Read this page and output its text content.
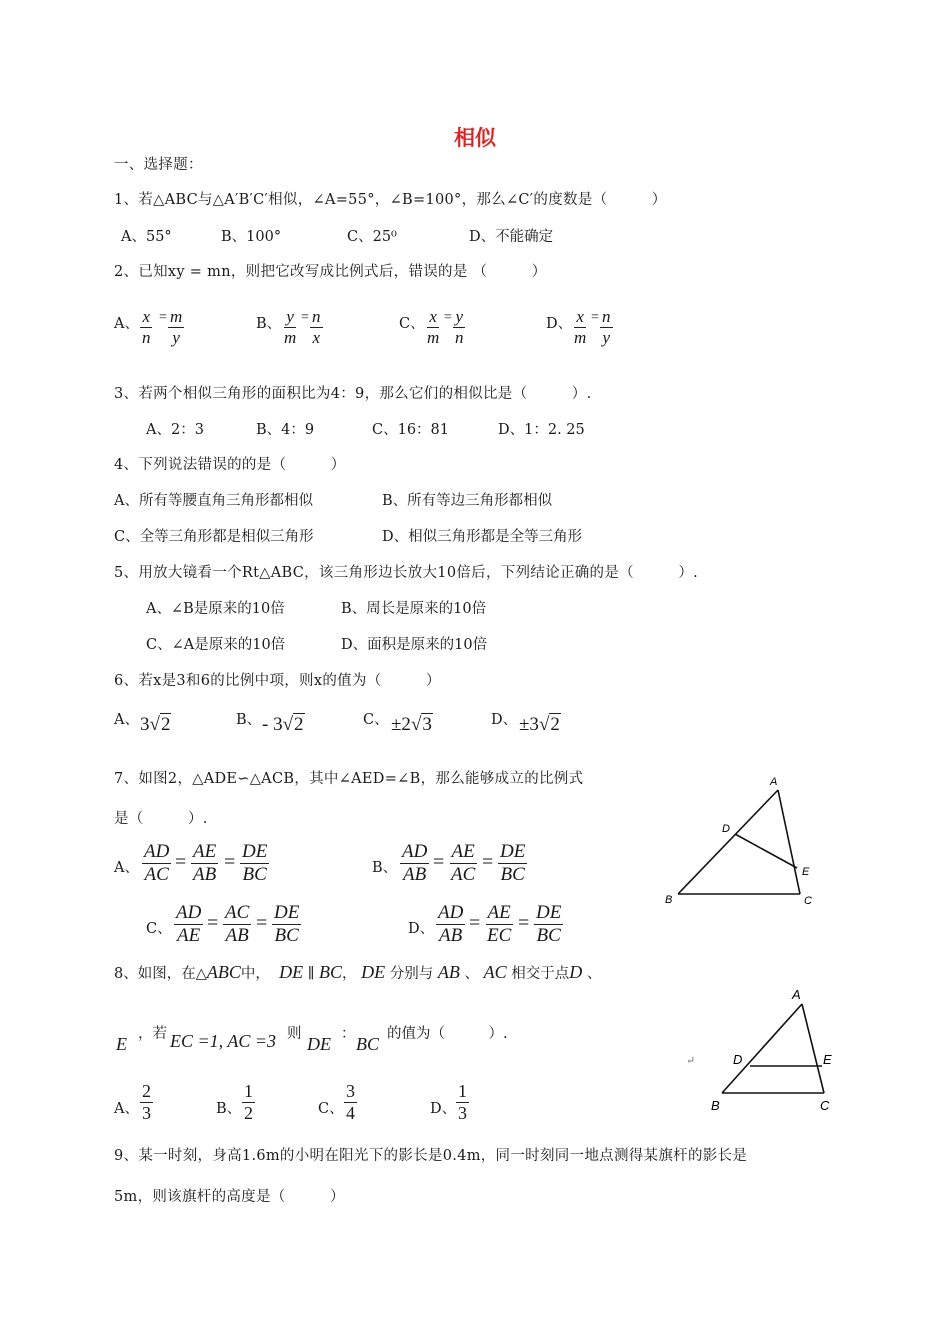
相似
一、选择题：
1、若△ABC与△A′B′C′相似，∠A=55°，∠B=100°，那么∠C′的度数是（　　　）
A、55°	B、100°	C、25⁰	D、不能确定
2、已知xy = mn，则把它改写成比例式后，错误的是 （　　　）
A、 $\frac{x}{n} = \frac{m}{y}$	B、 $\frac{y}{m} = \frac{n}{x}$	C、 $\frac{x}{m} = \frac{y}{n}$	D、 $\frac{x}{m} = \frac{n}{y}$
3、若两个相似三角形的面积比为4：9，那么它们的相似比是（　　　）.
A、2：3	B、4：9	C、16：81	D、1：2. 25
4、下列说法错误的的是（　　　）
A、所有等腰直角三角形都相似	B、所有等边三角形都相似
C、全等三角形都是相似三角形	D、相似三角形都是全等三角形
5、用放大镜看一个Rt△ABC，该三角形边长放大10倍后，下列结论正确的是（　　　）.
A、∠B是原来的10倍	B、周长是原来的10倍
C、∠A是原来的10倍	D、面积是原来的10倍
6、若x是3和6的比例中项，则x的值为（　　　）
A、 3√2	B、 - 3√2	C、 ±2√3	D、 ±3√2
7、如图2，△ADE∽△ACB，其中∠AED=∠B，那么能够成立的比例式
是（　　　）.
A、 $\frac{AD}{AC} = \frac{AE}{AB} = \frac{DE}{BC}$	B、 $\frac{AD}{AB} = \frac{AE}{AC} = \frac{DE}{BC}$
C、 $\frac{AD}{AE} = \frac{AC}{AB} = \frac{DE}{BC}$	D、 $\frac{AD}{AB} = \frac{AE}{EC} = \frac{DE}{BC}$
A
D
E
B	C
8、如图，在△ABC中， DE ∥ BC， DE 分别与 AB 、 AC 相交于点D 、
E ，若 EC =1, AC =3 则 DE ： BC 的值为（　　　）.
↵
A、 $\frac{2}{3}$	B、 $\frac{1}{2}$	C、 $\frac{3}{4}$	D、 $\frac{1}{3}$
A
D	E
B	C
9、某一时刻，身高1.6m的小明在阳光下的影长是0.4m，同一时刻同一地点测得某旗杆的影长是
5m，则该旗杆的高度是（　　　）
